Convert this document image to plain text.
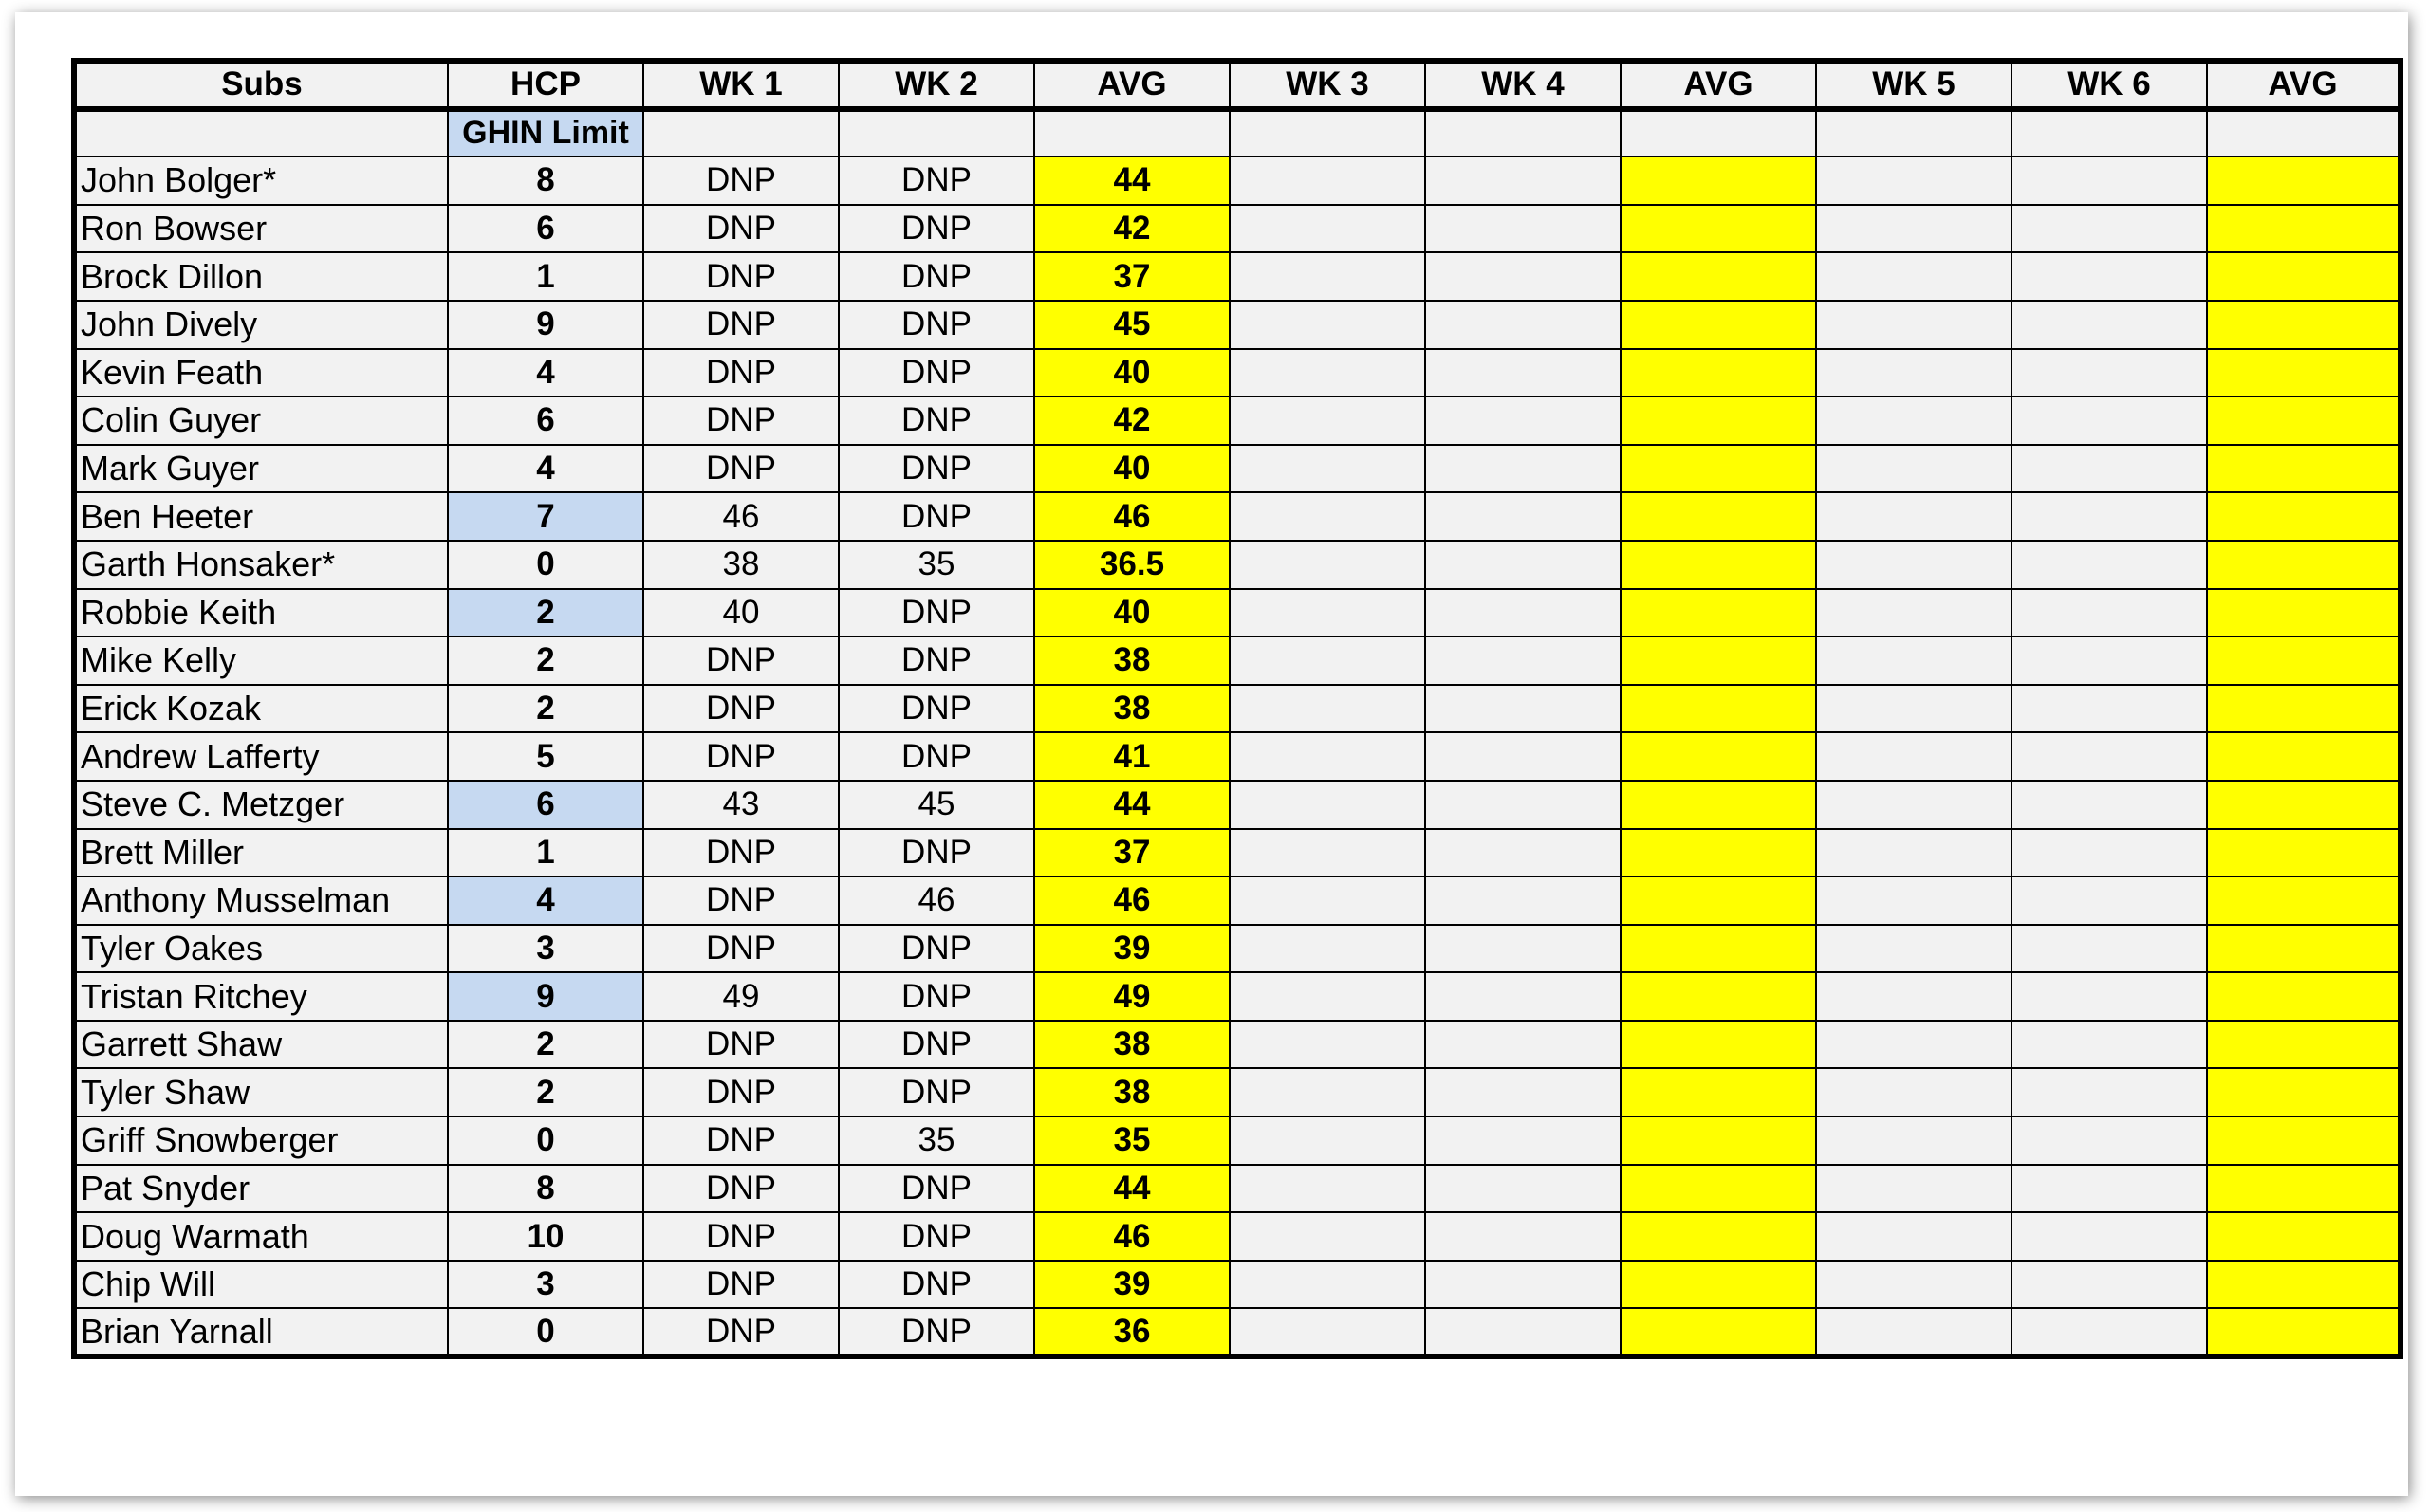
Subs	HCP	WK 1	WK 2	AVG	WK 3	WK 4	AVG	WK 5	WK 6	AVG
	GHIN Limit									
John Bolger*	8	DNP	DNP	44						
Ron Bowser	6	DNP	DNP	42						
Brock Dillon	1	DNP	DNP	37						
John Dively	9	DNP	DNP	45						
Kevin Feath	4	DNP	DNP	40						
Colin Guyer	6	DNP	DNP	42						
Mark Guyer	4	DNP	DNP	40						
Ben Heeter	7	46	DNP	46						
Garth Honsaker*	0	38	35	36.5						
Robbie Keith	2	40	DNP	40						
Mike Kelly	2	DNP	DNP	38						
Erick Kozak	2	DNP	DNP	38						
Andrew Lafferty	5	DNP	DNP	41						
Steve C. Metzger	6	43	45	44						
Brett Miller	1	DNP	DNP	37						
Anthony Musselman	4	DNP	46	46						
Tyler Oakes	3	DNP	DNP	39						
Tristan Ritchey	9	49	DNP	49						
Garrett Shaw	2	DNP	DNP	38						
Tyler Shaw	2	DNP	DNP	38						
Griff Snowberger	0	DNP	35	35						
Pat Snyder	8	DNP	DNP	44						
Doug Warmath	10	DNP	DNP	46						
Chip Will	3	DNP	DNP	39						
Brian Yarnall	0	DNP	DNP	36						
